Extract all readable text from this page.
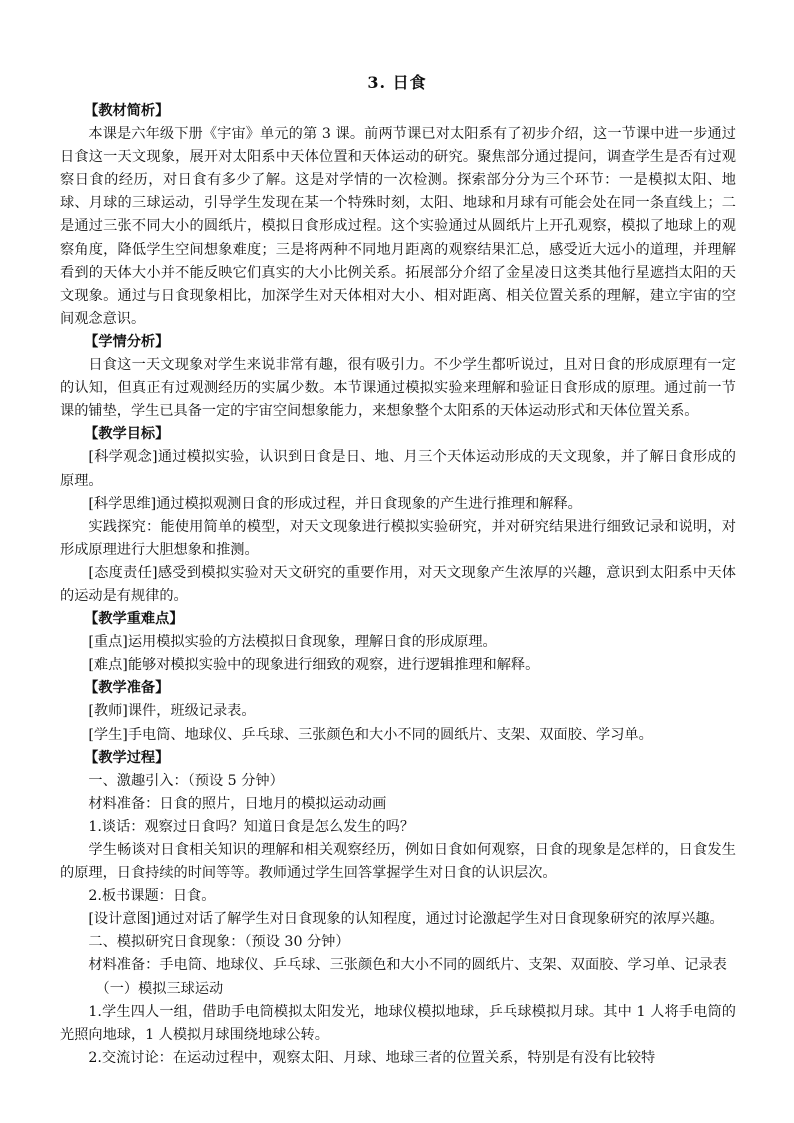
3. 日食

【教材简析】

本课是六年级下册《宇宙》单元的第 3 课。前两节课已对太阳系有了初步介绍，这一节课中进一步通过日食这一天文现象，展开对太阳系中天体位置和天体运动的研究。聚焦部分通过提问，调查学生是否有过观察日食的经历，对日食有多少了解。这是对学情的一次检测。探索部分分为三个环节：一是模拟太阳、地球、月球的三球运动，引导学生发现在某一个特殊时刻，太阳、地球和月球有可能会处在同一条直线上；二是通过三张不同大小的圆纸片，模拟日食形成过程。这个实验通过从圆纸片上开孔观察，模拟了地球上的观察角度，降低学生空间想象难度；三是将两种不同地月距离的观察结果汇总，感受近大远小的道理，并理解看到的天体大小并不能反映它们真实的大小比例关系。拓展部分介绍了金星凌日这类其他行星遮挡太阳的天文现象。通过与日食现象相比，加深学生对天体相对大小、相对距离、相关位置关系的理解，建立宇宙的空间观念意识。

【学情分析】

日食这一天文现象对学生来说非常有趣，很有吸引力。不少学生都听说过，且对日食的形成原理有一定的认知，但真正有过观测经历的实属少数。本节课通过模拟实验来理解和验证日食形成的原理。通过前一节课的铺垫，学生已具备一定的宇宙空间想象能力，来想象整个太阳系的天体运动形式和天体位置关系。

【教学目标】

[科学观念]通过模拟实验，认识到日食是日、地、月三个天体运动形成的天文现象，并了解日食形成的原理。

[科学思维]通过模拟观测日食的形成过程，并日食现象的产生进行推理和解释。

实践探究：能使用简单的模型，对天文现象进行模拟实验研究，并对研究结果进行细致记录和说明，对形成原理进行大胆想象和推测。

[态度责任]感受到模拟实验对天文研究的重要作用，对天文现象产生浓厚的兴趣，意识到太阳系中天体的运动是有规律的。

【教学重难点】

[重点]运用模拟实验的方法模拟日食现象，理解日食的形成原理。

[难点]能够对模拟实验中的现象进行细致的观察，进行逻辑推理和解释。

【教学准备】

[教师]课件，班级记录表。

[学生]手电筒、地球仪、乒乓球、三张颜色和大小不同的圆纸片、支架、双面胶、学习单。

【教学过程】

一、激趣引入：（预设 5 分钟）

材料准备：日食的照片，日地月的模拟运动动画

1.谈话：观察过日食吗？知道日食是怎么发生的吗？

学生畅谈对日食相关知识的理解和相关观察经历，例如日食如何观察，日食的现象是怎样的，日食发生的原理，日食持续的时间等等。教师通过学生回答掌握学生对日食的认识层次。

2.板书课题：日食。

[设计意图]通过对话了解学生对日食现象的认知程度，通过讨论激起学生对日食现象研究的浓厚兴趣。

二、模拟研究日食现象：（预设 30 分钟）

材料准备：手电筒、地球仪、乒乓球、三张颜色和大小不同的圆纸片、支架、双面胶、学习单、记录表

（一）模拟三球运动

1.学生四人一组，借助手电筒模拟太阳发光，地球仪模拟地球，乒乓球模拟月球。其中 1 人将手电筒的光照向地球，1 人模拟月球围绕地球公转。

2.交流讨论：在运动过程中，观察太阳、月球、地球三者的位置关系，特别是有没有比较特
